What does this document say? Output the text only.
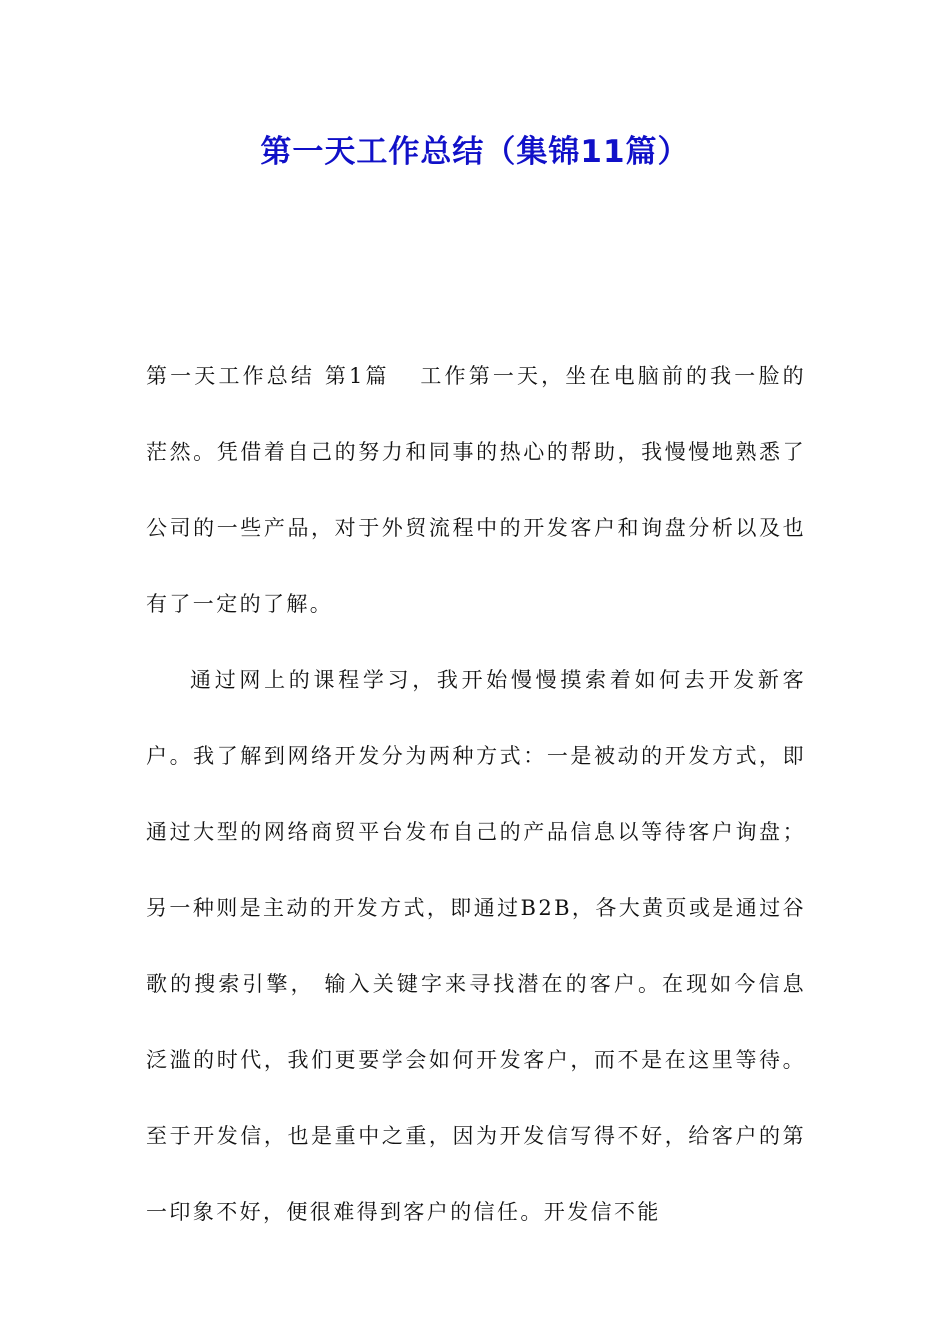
第一天工作总结（集锦11篇）

第一天工作总结 第1篇 工作第一天，坐在电脑前的我一脸的茫然。凭借着自己的努力和同事的热心的帮助，我慢慢地熟悉了公司的一些产品，对于外贸流程中的开发客户和询盘分析以及也有了一定的了解。

通过网上的课程学习，我开始慢慢摸索着如何去开发新客户。我了解到网络开发分为两种方式：一是被动的开发方式，即通过大型的网络商贸平台发布自己的产品信息以等待客户询盘；另一种则是主动的开发方式，即通过B2B，各大黄页或是通过谷歌的搜索引擎， 输入关键字来寻找潜在的客户。在现如今信息泛滥的时代，我们更要学会如何开发客户，而不是在这里等待。至于开发信，也是重中之重，因为开发信写得不好，给客户的第一印象不好，便很难得到客户的信任。开发信不能
